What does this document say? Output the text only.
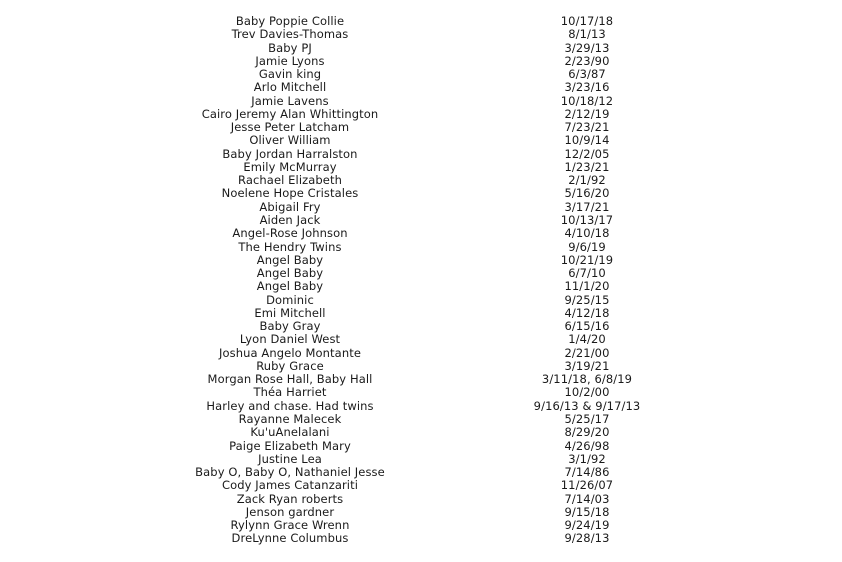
Baby Poppie Collie	10/17/18
Trev Davies-Thomas	8/1/13
Baby PJ	3/29/13
Jamie Lyons	2/23/90
Gavin king	6/3/87
Arlo Mitchell	3/23/16
Jamie Lavens	10/18/12
Cairo Jeremy Alan Whittington	2/12/19
Jesse Peter Latcham	7/23/21
Oliver William	10/9/14
Baby Jordan Harralston	12/2/05
Emily McMurray	1/23/21
Rachael Elizabeth	2/1/92
Noelene Hope Cristales	5/16/20
Abigail Fry	3/17/21
Aiden Jack	10/13/17
Angel-Rose Johnson	4/10/18
The Hendry Twins	9/6/19
Angel Baby	10/21/19
Angel Baby	6/7/10
Angel Baby	11/1/20
Dominic	9/25/15
Emi Mitchell	4/12/18
Baby Gray	6/15/16
Lyon Daniel West	1/4/20
Joshua Angelo Montante	2/21/00
Ruby Grace	3/19/21
Morgan Rose Hall, Baby Hall	3/11/18, 6/8/19
Théa Harriet	10/2/00
Harley and chase. Had twins	9/16/13 & 9/17/13
Rayanne Malecek	5/25/17
Ku'uAnelalani	8/29/20
Paige Elizabeth Mary	4/26/98
Justine Lea	3/1/92
Baby O, Baby O, Nathaniel Jesse	7/14/86
Cody James Catanzariti	11/26/07
Zack Ryan roberts	7/14/03
Jenson gardner	9/15/18
Rylynn Grace Wrenn	9/24/19
DreLynne Columbus	9/28/13
